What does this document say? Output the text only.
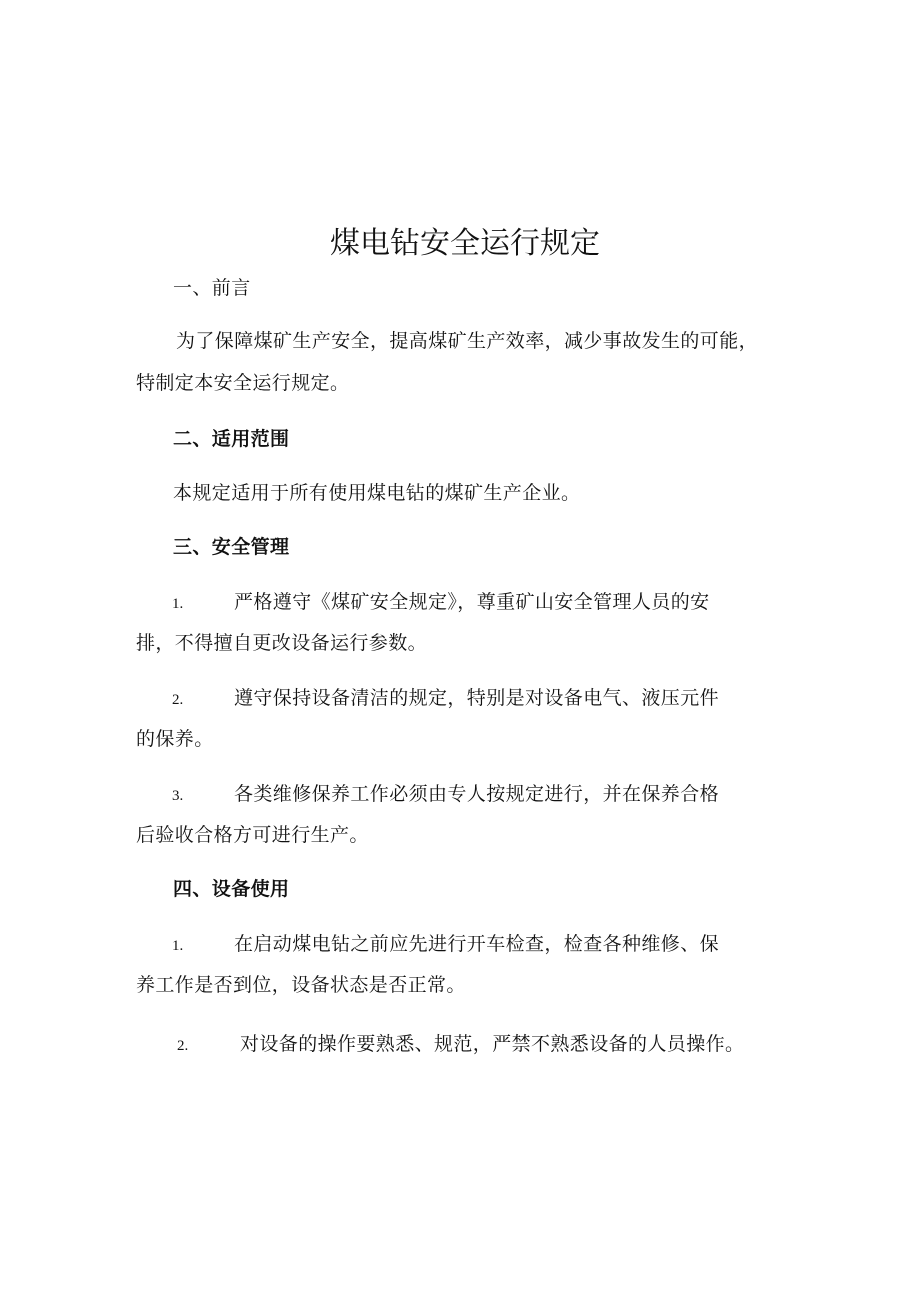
煤电钻安全运行规定
一、前言
为了保障煤矿生产安全，提高煤矿生产效率，减少事故发生的可能，
特制定本安全运行规定。
二、适用范围
本规定适用于所有使用煤电钻的煤矿生产企业。
三、安全管理
1.	严格遵守《煤矿安全规定》，尊重矿山安全管理人员的安
排，不得擅自更改设备运行参数。
2.	遵守保持设备清洁的规定，特别是对设备电气、液压元件
的保养。
3.	各类维修保养工作必须由专人按规定进行，并在保养合格
后验收合格方可进行生产。
四、设备使用
1.	在启动煤电钻之前应先进行开车检查，检查各种维修、保
养工作是否到位，设备状态是否正常。
2.	对设备的操作要熟悉、规范，严禁不熟悉设备的人员操作。
